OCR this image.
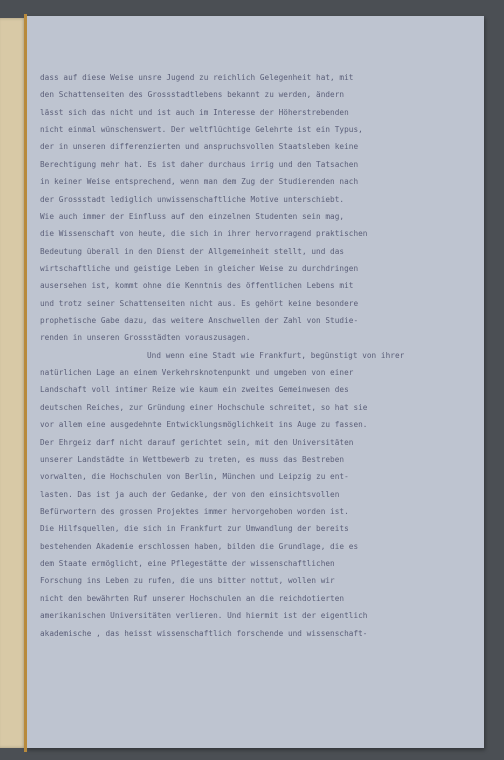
dass auf diese Weise unsre Jugend zu reichlich Gelegenheit hat, mit
den Schattenseiten des Grossstadtlebens bekannt zu werden, ändern
lässt sich das nicht und ist auch im Interesse der Höherstrebenden
nicht einmal wünschenswert. Der weltflüchtige Gelehrte ist ein Typus,
der in unseren differenzierten und anspruchsvollen Staatsleben keine
Berechtigung mehr hat. Es ist daher durchaus irrig und den Tatsachen
in keiner Weise entsprechend, wenn man dem Zug der Studierenden nach
der Grossstadt lediglich unwissenschaftliche Motive unterschiebt.
Wie auch immer der Einfluss auf den einzelnen Studenten sein mag,
die Wissenschaft von heute, die sich in ihrer hervorragend praktischen
Bedeutung überall in den Dienst der Allgemeinheit stellt, und das
wirtschaftliche und geistige Leben in gleicher Weise zu durchdringen
ausersehen ist, kommt ohne die Kenntnis des öffentlichen Lebens mit
und trotz seiner Schattenseiten nicht aus. Es gehört keine besondere
prophetische Gabe dazu, das weitere Anschwellen der Zahl von Studie-
renden in unseren Grossstädten vorauszusagen.
Und wenn eine Stadt wie Frankfurt, begünstigt von ihrer
natürlichen Lage an einem Verkehrsknotenpunkt und umgeben von einer
Landschaft voll intimer Reize wie kaum ein zweites Gemeinwesen des
deutschen Reiches, zur Gründung einer Hochschule schreitet, so hat sie
vor allem eine ausgedehnte Entwicklungsmöglichkeit ins Auge zu fassen.
Der Ehrgeiz darf nicht darauf gerichtet sein, mit den Universitäten
unserer Landstädte in Wettbewerb zu treten, es muss das Bestreben
vorwalten, die Hochschulen von Berlin, München und Leipzig zu ent-
lasten. Das ist ja auch der Gedanke, der von den einsichtsvollen
Befürwortern des grossen Projektes immer hervorgehoben worden ist.
Die Hilfsquellen, die sich in Frankfurt zur Umwandlung der bereits
bestehenden Akademie erschlossen haben, bilden die Grundlage, die es
dem Staate ermöglicht, eine Pflegestätte der wissenschaftlichen
Forschung ins Leben zu rufen, die uns bitter nottut, wollen wir
nicht den bewährten Ruf unserer Hochschulen an die reichdotierten
amerikanischen Universitäten verlieren. Und hiermit ist der eigentlich
akademische , das heisst wissenschaftlich forschende und wissenschaft-
